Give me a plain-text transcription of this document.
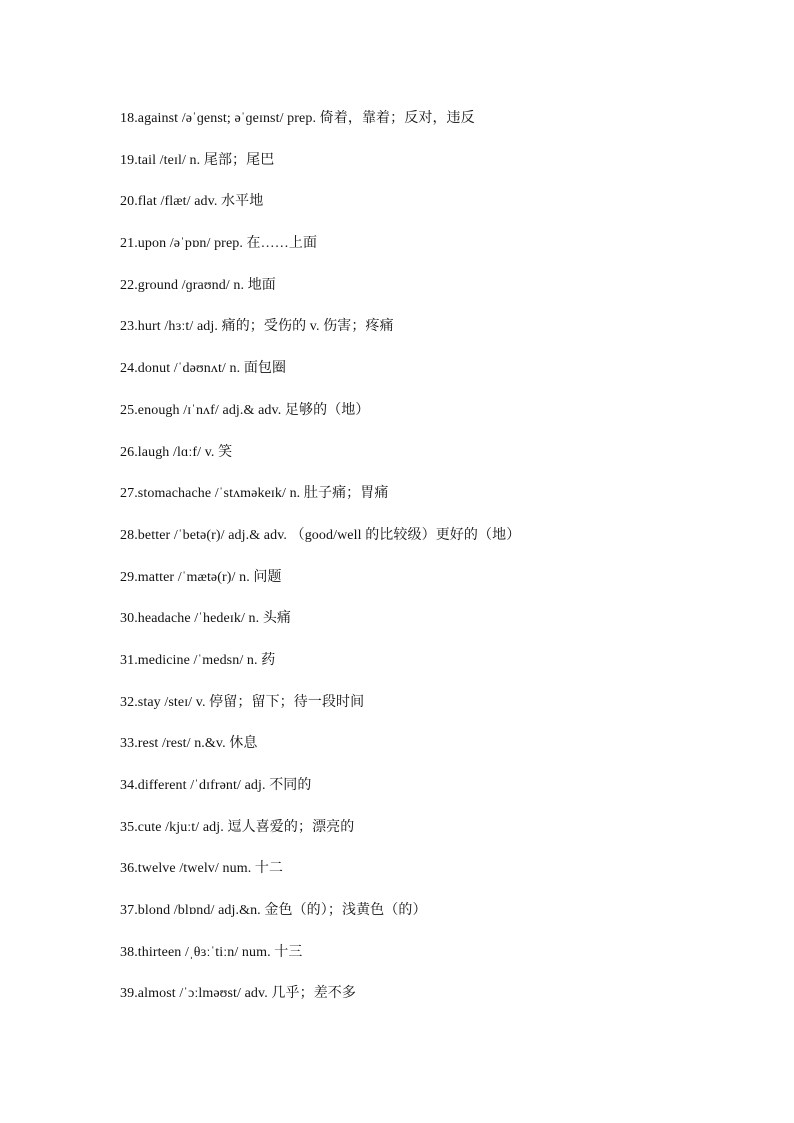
18.against /əˈɡenst; əˈɡeɪnst/ prep. 倚着，靠着；反对，违反
19.tail /teɪl/ n. 尾部；尾巴
20.flat /flæt/ adv. 水平地
21.upon /əˈpɒn/ prep. 在……上面
22.ground /ɡraʊnd/ n. 地面
23.hurt /hɜːt/ adj. 痛的；受伤的 v. 伤害；疼痛
24.donut /ˈdəʊnʌt/ n. 面包圈
25.enough /ɪˈnʌf/ adj.& adv. 足够的（地）
26.laugh /lɑːf/ v. 笑
27.stomachache /ˈstʌməkeɪk/ n. 肚子痛；胃痛
28.better /ˈbetə(r)/ adj.& adv. （good/well 的比较级）更好的（地）
29.matter /ˈmætə(r)/ n. 问题
30.headache /ˈhedeɪk/ n. 头痛
31.medicine /ˈmedsn/ n. 药
32.stay /steɪ/ v. 停留；留下；待一段时间
33.rest /rest/ n.&v. 休息
34.different /ˈdɪfrənt/ adj. 不同的
35.cute /kjuːt/ adj. 逗人喜爱的；漂亮的
36.twelve /twelv/ num. 十二
37.blond /blɒnd/ adj.&n. 金色（的）；浅黄色（的）
38.thirteen /ˌθɜːˈtiːn/ num. 十三
39.almost /ˈɔːlməʊst/ adv. 几乎；差不多
